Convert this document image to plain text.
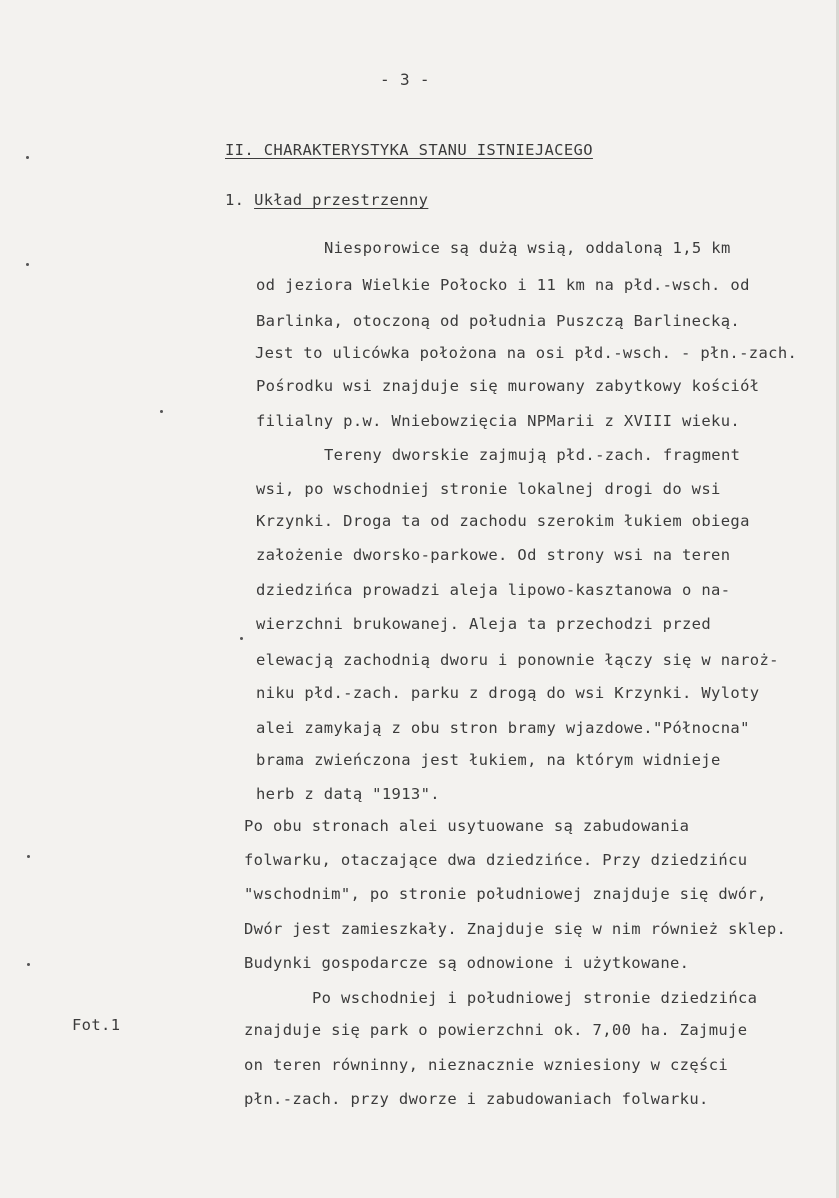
- 3 -
II. CHARAKTERYSTYKA STANU ISTNIEJACEGO
1. Układ przestrzenny
Niesporowice są dużą wsią, oddaloną 1,5 km
od jeziora Wielkie Połocko i 11 km na płd.-wsch. od
Barlinka, otoczoną od południa Puszczą Barlinecką.
Jest to ulicówka położona na osi płd.-wsch. - płn.-zach.
Pośrodku wsi znajduje się murowany zabytkowy kościół
filialny p.w. Wniebowzięcia NPMarii z XVIII wieku.
Tereny dworskie zajmują płd.-zach. fragment
wsi, po wschodniej stronie lokalnej drogi do wsi
Krzynki. Droga ta od zachodu szerokim łukiem obiega
założenie dworsko-parkowe. Od strony wsi na teren
dziedzińca prowadzi aleja lipowo-kasztanowa o na-
wierzchni brukowanej. Aleja ta przechodzi przed
elewacją zachodnią dworu i ponownie łączy się w naroż-
niku płd.-zach. parku z drogą do wsi Krzynki. Wyloty
alei zamykają z obu stron bramy wjazdowe."Północna"
brama zwieńczona jest łukiem, na którym widnieje
herb z datą "1913".
Po obu stronach alei usytuowane są zabudowania
folwarku, otaczające dwa dziedzińce. Przy dziedzińcu
"wschodnim", po stronie południowej znajduje się dwór,
Dwór jest zamieszkały. Znajduje się w nim również sklep.
Budynki gospodarcze są odnowione i użytkowane.
Po wschodniej i południowej stronie dziedzińca
znajduje się park o powierzchni ok. 7,00 ha. Zajmuje
on teren równinny, nieznacznie wzniesiony w części
płn.-zach. przy dworze i zabudowaniach folwarku.
Fot.1
